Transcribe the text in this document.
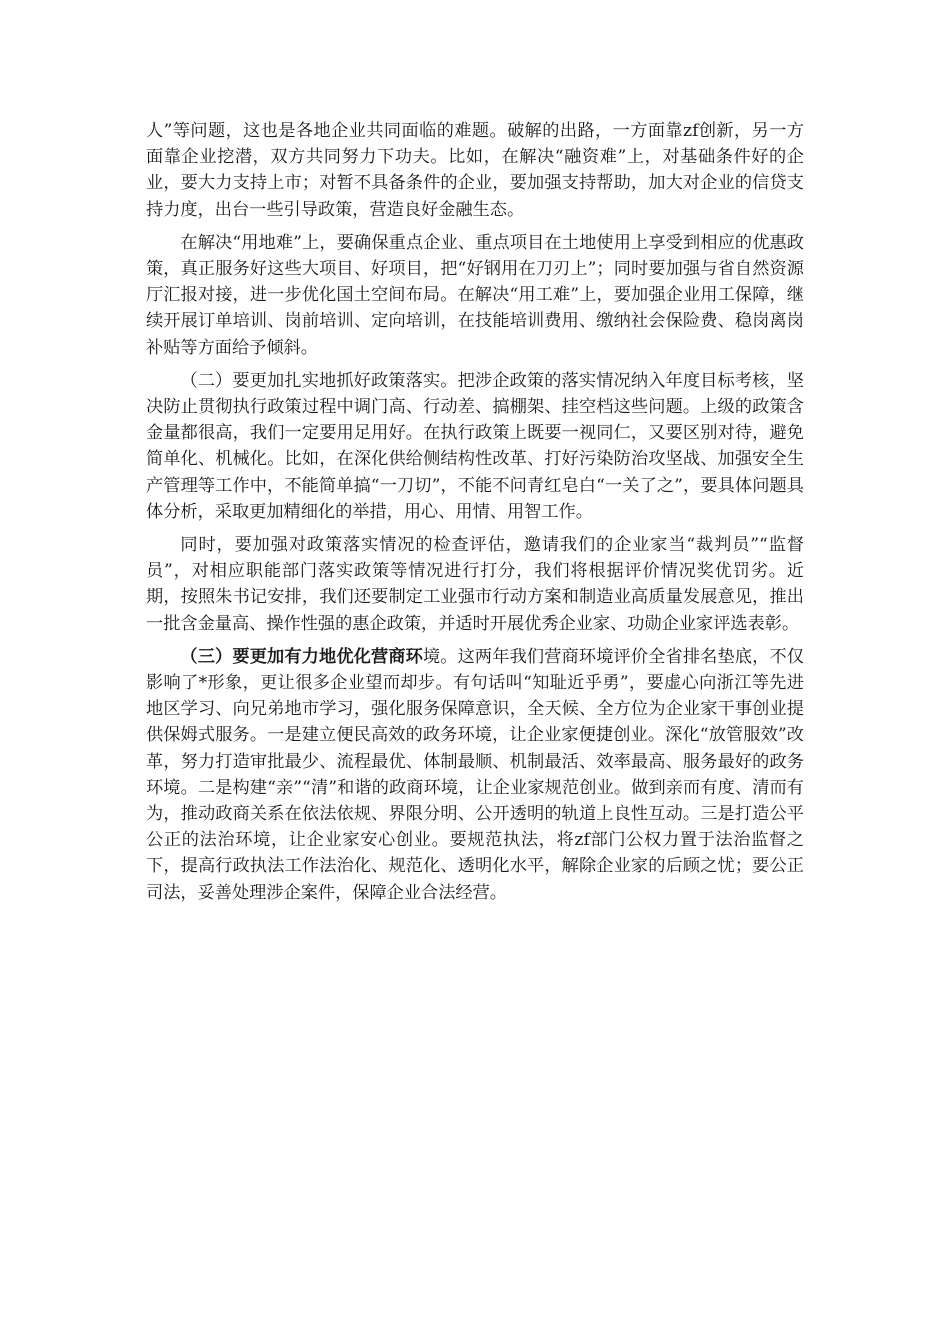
人”等问题，这也是各地企业共同面临的难题。破解的出路，一方面靠zf创新，另一方面靠企业挖潜，双方共同努力下功夫。比如，在解决“融资难”上，对基础条件好的企业，要大力支持上市；对暂不具备条件的企业，要加强支持帮助，加大对企业的信贷支持力度，出台一些引导政策，营造良好金融生态。

在解决“用地难”上，要确保重点企业、重点项目在土地使用上享受到相应的优惠政策，真正服务好这些大项目、好项目，把“好钢用在刀刃上”；同时要加强与省自然资源厅汇报对接，进一步优化国土空间布局。在解决“用工难”上，要加强企业用工保障，继续开展订单培训、岗前培训、定向培训，在技能培训费用、缴纳社会保险费、稳岗离岗补贴等方面给予倾斜。

（二）要更加扎实地抓好政策落实。把涉企政策的落实情况纳入年度目标考核，坚决防止贯彻执行政策过程中调门高、行动差、搞棚架、挂空档这些问题。上级的政策含金量都很高，我们一定要用足用好。在执行政策上既要一视同仁，又要区别对待，避免简单化、机械化。比如，在深化供给侧结构性改革、打好污染防治攻坚战、加强安全生产管理等工作中，不能简单搞“一刀切”，不能不问青红皂白“一关了之”，要具体问题具体分析，采取更加精细化的举措，用心、用情、用智工作。

同时，要加强对政策落实情况的检查评估，邀请我们的企业家当“裁判员”“监督员”，对相应职能部门落实政策等情况进行打分，我们将根据评价情况奖优罚劣。近期，按照朱书记安排，我们还要制定工业强市行动方案和制造业高质量发展意见，推出一批含金量高、操作性强的惠企政策，并适时开展优秀企业家、功勋企业家评选表彰。

（三）要更加有力地优化营商环境。这两年我们营商环境评价全省排名垫底，不仅影响了*形象，更让很多企业望而却步。有句话叫“知耻近乎勇”，要虚心向浙江等先进地区学习、向兄弟地市学习，强化服务保障意识，全天候、全方位为企业家干事创业提供保姆式服务。一是建立便民高效的政务环境，让企业家便捷创业。深化“放管服效”改革，努力打造审批最少、流程最优、体制最顺、机制最活、效率最高、服务最好的政务环境。二是构建“亲”“清”和谐的政商环境，让企业家规范创业。做到亲而有度、清而有为，推动政商关系在依法依规、界限分明、公开透明的轨道上良性互动。三是打造公平公正的法治环境，让企业家安心创业。要规范执法，将zf部门公权力置于法治监督之下，提高行政执法工作法治化、规范化、透明化水平，解除企业家的后顾之忧；要公正司法，妥善处理涉企案件，保障企业合法经营。
